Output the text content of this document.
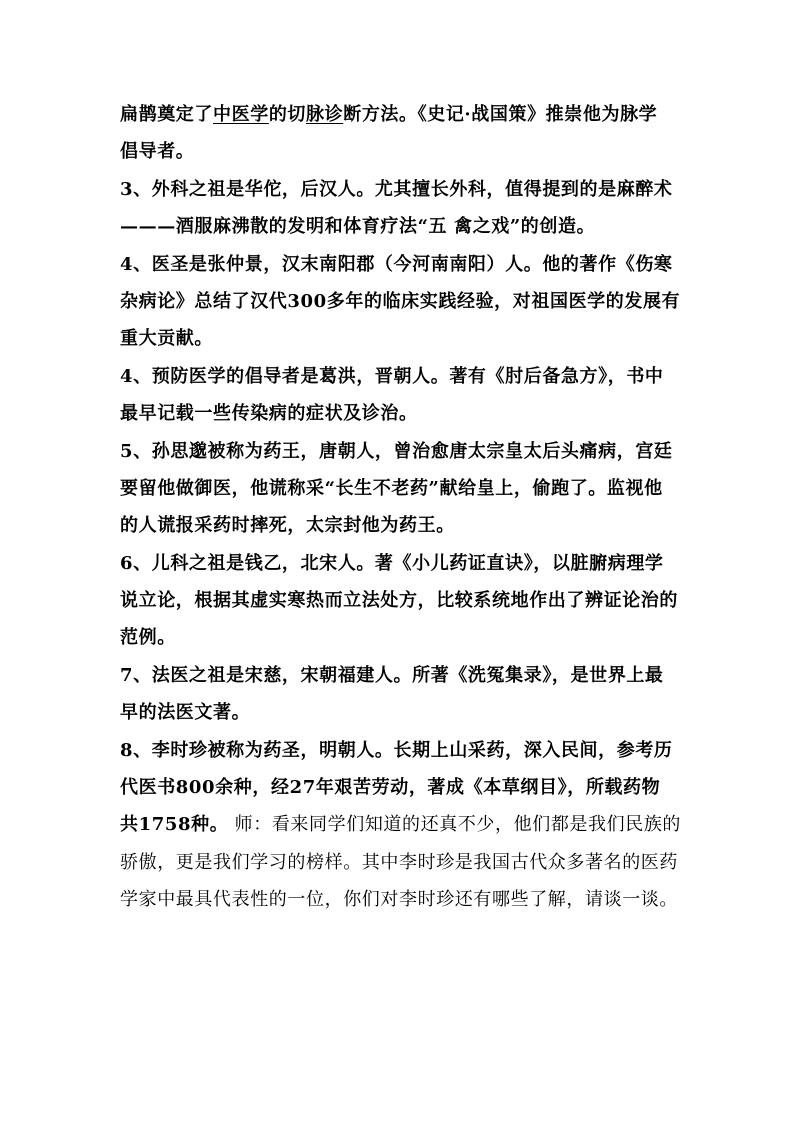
扁鹊奠定了中医学的切脉诊断方法。《史记·战国策》推崇他为脉学
倡导者。
3、外科之祖是华佗，后汉人。尤其擅长外科，值得提到的是麻醉术
———酒服麻沸散的发明和体育疗法“五 禽之戏”的创造。
4、医圣是张仲景，汉末南阳郡（今河南南阳）人。他的著作《伤寒
杂病论》总结了汉代300多年的临床实践经验，对祖国医学的发展有
重大贡献。
4、预防医学的倡导者是葛洪，晋朝人。著有《肘后备急方》，书中
最早记载一些传染病的症状及诊治。
5、孙思邈被称为药王，唐朝人，曾治愈唐太宗皇太后头痛病，宫廷
要留他做御医，他谎称采“长生不老药”献给皇上，偷跑了。监视他
的人谎报采药时摔死，太宗封他为药王。
6、儿科之祖是钱乙，北宋人。著《小儿药证直诀》，以脏腑病理学
说立论，根据其虚实寒热而立法处方，比较系统地作出了辨证论治的
范例。
7、法医之祖是宋慈，宋朝福建人。所著《洗冤集录》，是世界上最
早的法医文著。
8、李时珍被称为药圣，明朝人。长期上山采药，深入民间，参考历
代医书800余种，经27年艰苦劳动，著成《本草纲目》，所载药物
共1758种。 师：看来同学们知道的还真不少，他们都是我们民族的
骄傲，更是我们学习的榜样。其中李时珍是我国古代众多著名的医药
学家中最具代表性的一位，你们对李时珍还有哪些了解，请谈一谈。
